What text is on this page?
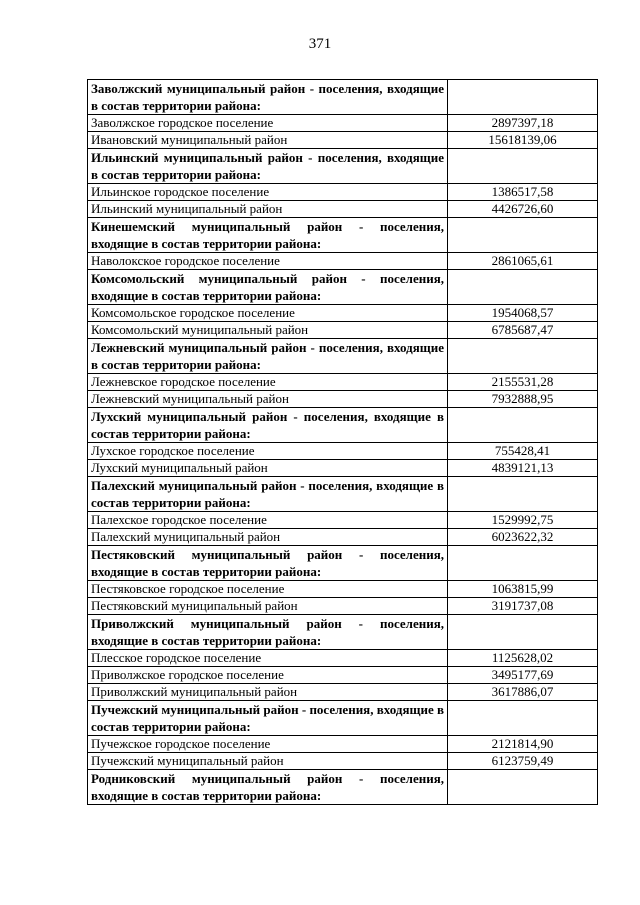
371
Заволжский муниципальный район - поселения, входящие в состав территории района:	
Заволжское городское поселение	2897397,18
Ивановский муниципальный район	15618139,06
Ильинский муниципальный район - поселения, входящие в состав территории района:	
Ильинское городское поселение	1386517,58
Ильинский муниципальный район	4426726,60
Кинешемский муниципальный район - поселения, входящие в состав территории района:	
Наволокское городское поселение	2861065,61
Комсомольский муниципальный район - поселения, входящие в состав территории района:	
Комсомольское городское поселение	1954068,57
Комсомольский муниципальный район	6785687,47
Лежневский муниципальный район - поселения, входящие в состав территории района:	
Лежневское городское поселение	2155531,28
Лежневский муниципальный район	7932888,95
Лухский муниципальный район - поселения, входящие в состав территории района:	
Лухское городское поселение	755428,41
Лухский муниципальный район	4839121,13
Палехский муниципальный район - поселения, входящие в состав территории района:	
Палехское городское поселение	1529992,75
Палехский муниципальный район	6023622,32
Пестяковский муниципальный район - поселения, входящие в состав территории района:	
Пестяковское городское поселение	1063815,99
Пестяковский муниципальный район	3191737,08
Приволжский муниципальный район - поселения, входящие в состав территории района:	
Плесское городское поселение	1125628,02
Приволжское городское поселение	3495177,69
Приволжский муниципальный район	3617886,07
Пучежский муниципальный район - поселения, входящие в состав территории района:	
Пучежское городское поселение	2121814,90
Пучежский муниципальный район	6123759,49
Родниковский муниципальный район - поселения, входящие в состав территории района:	
